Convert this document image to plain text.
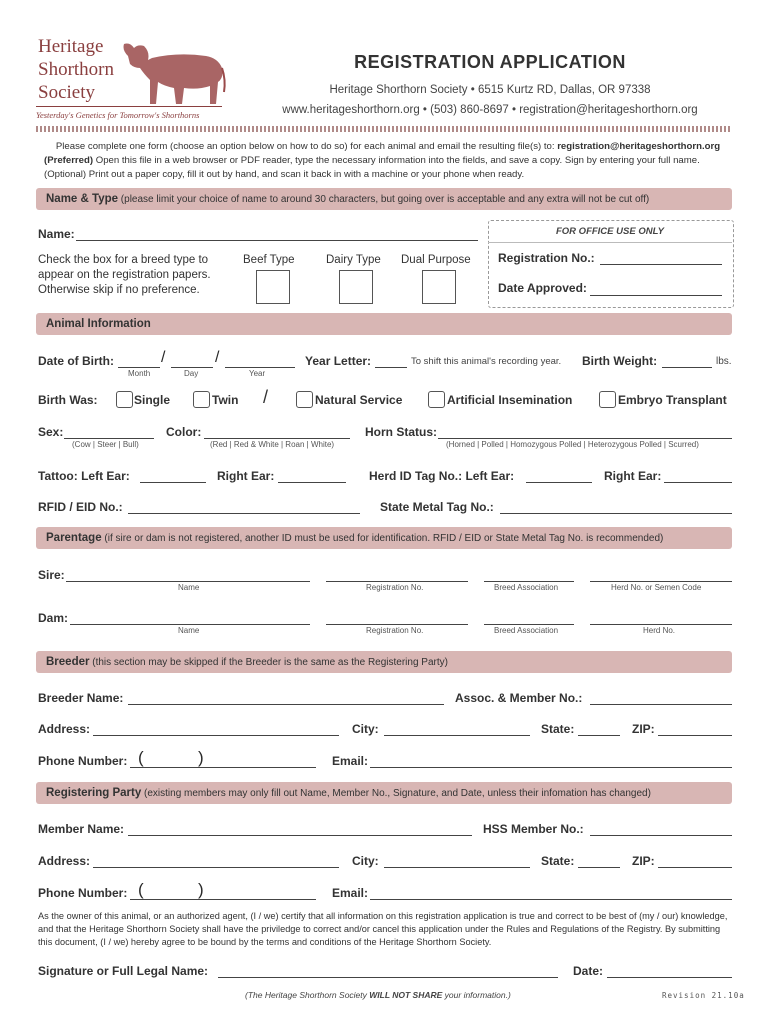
Heritage
Shorthorn
Society
Yesterday's Genetics for Tomorrow's Shorthorns
REGISTRATION APPLICATION
Heritage Shorthorn Society • 6515 Kurtz RD, Dallas, OR 97338
www.heritageshorthorn.org • (503) 860-8697 • registration@heritageshorthorn.org
Please complete one form (choose an option below on how to do so) for each animal and email the resulting file(s) to: registration@heritageshorthorn.org
(Preferred) Open this file in a web browser or PDF reader, type the necessary information into the fields, and save a copy. Sign by entering your full name.
(Optional) Print out a paper copy, fill it out by hand, and scan it back in with a machine or your phone when ready.
Name & Type (please limit your choice of name to around 30 characters, but going over is acceptable and any extra will not be cut off)
Name:
Check the box for a breed type to appear on the registration papers. Otherwise skip if no preference.
Beef Type	Dairy Type Dual Purpose
FOR OFFICE USE ONLY
Registration No.:
Date Approved:
Animal Information
Date of Birth:	/	/
Month	Day	Year
Year Letter:	To shift this animal's recording year. Birth Weight:	lbs.
Birth Was:	Single	Twin /	Natural Service	Artificial Insemination	Embryo Transplant
Sex:
(Cow | Steer | Bull)
Color:
(Red | Red & White | Roan | White)
Horn Status:
(Horned | Polled | Homozygous Polled | Heterozygous Polled | Scurred)
Tattoo: Left Ear:	Right Ear:	Herd ID Tag No.: Left Ear:	Right Ear:
RFID / EID No.:	State Metal Tag No.:
Parentage (if sire or dam is not registered, another ID must be used for identification. RFID / EID or State Metal Tag No. is recommended)
Sire:
Name	Registration No.	Breed Association	Herd No. or Semen Code
Dam:
Name	Registration No.	Breed Association	Herd No.
Breeder (this section may be skipped if the Breeder is the same as the Registering Party)
Breeder Name:	Assoc. & Member No.:
Address:	City:	State:	ZIP:
Phone Number: (	)	Email:
Registering Party (existing members may only fill out Name, Member No., Signature, and Date, unless their infomation has changed)
Member Name:	HSS Member No.:
Address:	City:	State:	ZIP:
Phone Number: (	)	Email:
As the owner of this animal, or an authorized agent, (I / we) certify that all information on this registration application is true and correct to be best of (my / our) knowledge, and that the Heritage Shorthorn Society shall have the priviledge to correct and/or cancel this application under the Rules and Regulations of the Registry. By submitting this document, (I / we) hereby agree to be bound by the terms and conditions of the Heritage Shorthorn Society.
Signature or Full Legal Name:	Date:
(The Heritage Shorthorn Society WILL NOT SHARE your information.)	Revision 21.10a
